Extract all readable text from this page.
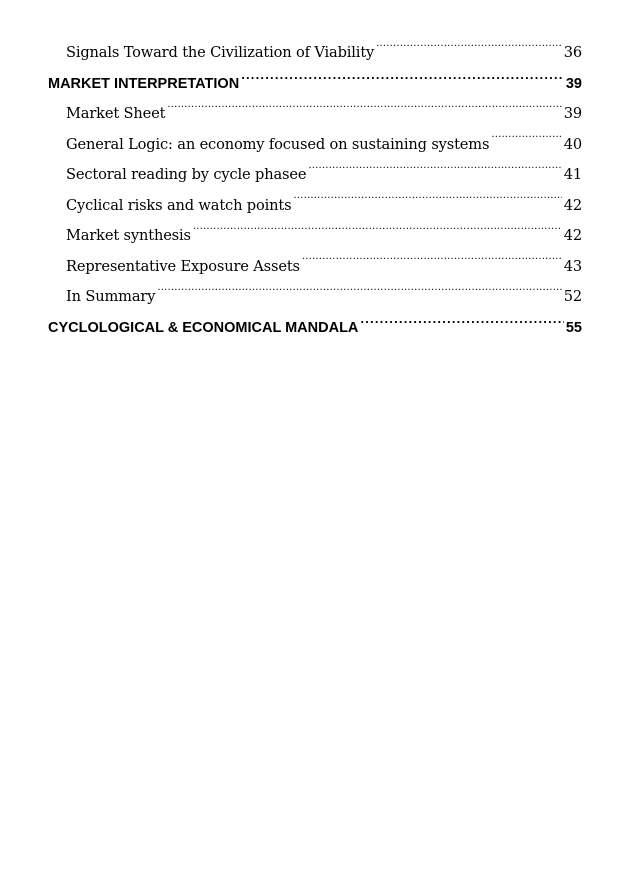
Signals Toward the Civilization of Viability .....	36
MARKET INTERPRETATION .....	39
Market Sheet .....	39
General Logic: an economy focused on sustaining systems .....	40
Sectoral reading by cycle phasee .....	41
Cyclical risks and watch points .....	42
Market synthesis .....	42
Representative Exposure Assets .....	43
In Summary .....	52
CYCLOLOGICAL & ECONOMICAL MANDALA .....	55
